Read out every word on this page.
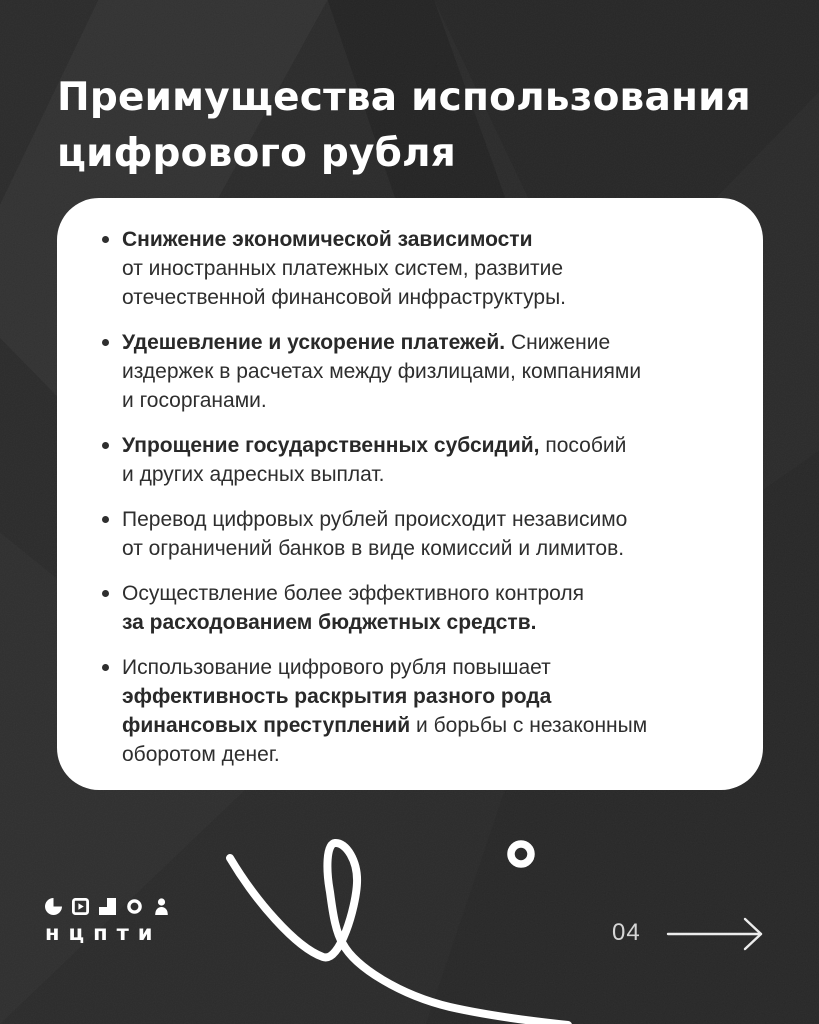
Преимущества использования
цифрового рубля
Снижение экономической зависимости
от иностранных платежных систем, развитие
отечественной финансовой инфраструктуры.
Удешевление и ускорение платежей. Снижение
издержек в расчетах между физлицами, компаниями
и госорганами.
Упрощение государственных субсидий, пособий
и других адресных выплат.
Перевод цифровых рублей происходит независимо
от ограничений банков в виде комиссий и лимитов.
Осуществление более эффективного контроля
за расходованием бюджетных средств.
Использование цифрового рубля повышает
эффективность раскрытия разного рода
финансовых преступлений и борьбы с незаконным
оборотом денег.
нцпти	04
